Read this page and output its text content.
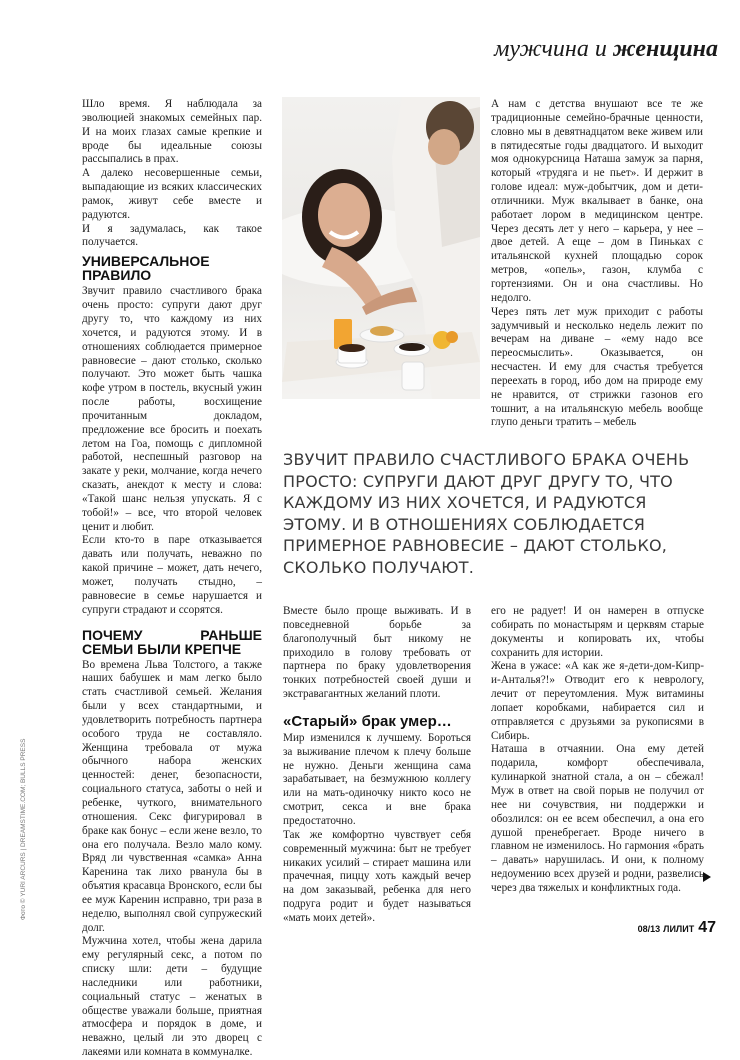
мужчина и женщина

Шло время. Я наблюдала за эволюцией знакомых семейных пар. И на моих глазах самые крепкие и вроде бы идеальные союзы рассыпались в прах.

А далеко несовершенные семьи, выпадающие из всяких классических рамок, живут себе вместе и радуются.

И я задумалась, как такое получается.

УНИВЕРСАЛЬНОЕ ПРАВИЛО

Звучит правило счастливого брака очень просто: супруги дают друг другу то, что каждому из них хочется, и радуются этому. И в отношениях соблюдается примерное равновесие – дают столько, сколько получают. Это может быть чашка кофе утром в постель, вкусный ужин после работы, восхищение прочитанным докладом, предложение все бросить и поехать летом на Гоа, помощь с дипломной работой, неспешный разговор на закате у реки, молчание, когда нечего сказать, анекдот к месту и слова: «Такой шанс нельзя упускать. Я с тобой!» – все, что второй человек ценит и любит.

Если кто-то в паре отказывается давать или получать, неважно по какой причине – может, дать нечего, может, получать стыдно, – равновесие в семье нарушается и супруги страдают и ссорятся.

ПОЧЕМУ РАНЬШЕ СЕМЬИ БЫЛИ КРЕПЧЕ

Во времена Льва Толстого, а также наших бабушек и мам легко было стать счастливой семьей. Желания были у всех стандартными, и удовлетворить потребность партнера особого труда не составляло. Женщина требовала от мужа обычного набора женских ценностей: денег, безопасности, социального статуса, заботы о ней и ребенке, чуткого, внимательного отношения. Секс фигурировал в браке как бонус – если жене везло, то она его получала. Везло мало кому. Вряд ли чувственная «самка» Анна Каренина так лихо рванула бы в объятия красавца Вронского, если бы ее муж Каренин исправно, три раза в неделю, выполнял свой супружеский долг.

Мужчина хотел, чтобы жена дарила ему регулярный секс, а потом по списку шли: дети – будущие наследники или работники, социальный статус – женатых в обществе уважали больше, приятная атмосфера и порядок в доме, и неважно, целый ли это дворец с лакеями или комната в коммуналке.

А нам с детства внушают все те же традиционные семейно-брачные ценности, словно мы в девятнадцатом веке живем или в пятидесятые годы двадцатого. И выходит моя однокурсница Наташа замуж за парня, который «трудяга и не пьет». И держит в голове идеал: муж-добытчик, дом и дети-отличники. Муж вкалывает в банке, она работает лором в медицинском центре. Через десять лет у него – карьера, у нее – двое детей. А еще – дом в Пиньках с итальянской кухней площадью сорок метров, «опель», газон, клумба с гортензиями. Он и она счастливы. Но недолго.

Через пять лет муж приходит с работы задумчивый и несколько недель лежит по вечерам на диване – «ему надо все переосмыслить». Оказывается, он несчастен. И ему для счастья требуется переехать в город, ибо дом на природе ему не нравится, от стрижки газонов его тошнит, а на итальянскую мебель вообще глупо деньги тратить – мебель

ЗВУЧИТ ПРАВИЛО СЧАСТЛИВОГО БРАКА ОЧЕНЬ ПРОСТО: СУПРУГИ ДАЮТ ДРУГ ДРУГУ ТО, ЧТО КАЖДОМУ ИЗ НИХ ХОЧЕТСЯ, И РАДУЮТСЯ ЭТОМУ. И В ОТНОШЕНИЯХ СОБЛЮДАЕТСЯ ПРИМЕРНОЕ РАВНОВЕСИЕ – ДАЮТ СТОЛЬКО, СКОЛЬКО ПОЛУЧАЮТ.

Вместе было проще выживать. И в повседневной борьбе за благополучный быт никому не приходило в голову требовать от партнера по браку удовлетворения тонких потребностей своей души и экстравагантных желаний плоти.

«Старый» брак умер…

Мир изменился к лучшему. Бороться за выживание плечом к плечу больше не нужно. Деньги женщина сама зарабатывает, на безмужнюю коллегу или на мать-одиночку никто косо не смотрит, секса и вне брака предостаточно.

Так же комфортно чувствует себя современный мужчина: быт не требует никаких усилий – стирает машина или прачечная, пиццу хоть каждый вечер на дом заказывай, ребенка для него подруга родит и будет называться «мать моих детей».

его не радует! И он намерен в отпуске собирать по монастырям и церквям старые документы и копировать их, чтобы сохранить для истории.

Жена в ужасе: «А как же я-дети-дом-Кипр-и-Анталья?!» Отводит его к неврологу, лечит от переутомления. Муж витамины лопает коробками, набирается сил и отправляется с друзьями за рукописями в Сибирь.

Наташа в отчаянии. Она ему детей подарила, комфорт обеспечивала, кулинаркой знатной стала, а он – сбежал! Муж в ответ на свой порыв не получил от нее ни сочувствия, ни поддержки и обозлился: он ее всем обеспечил, а она его душой пренебрегает. Вроде ничего в главном не изменилось. Но гармония «брать – давать» нарушилась. И они, к полному недоумению всех друзей и родни, развелись через два тяжелых и конфликтных года.

Фото © YURI ARCURS | DREAMSTIME.COM; BULLS PRESS
08/13 ЛИЛИТ 47
